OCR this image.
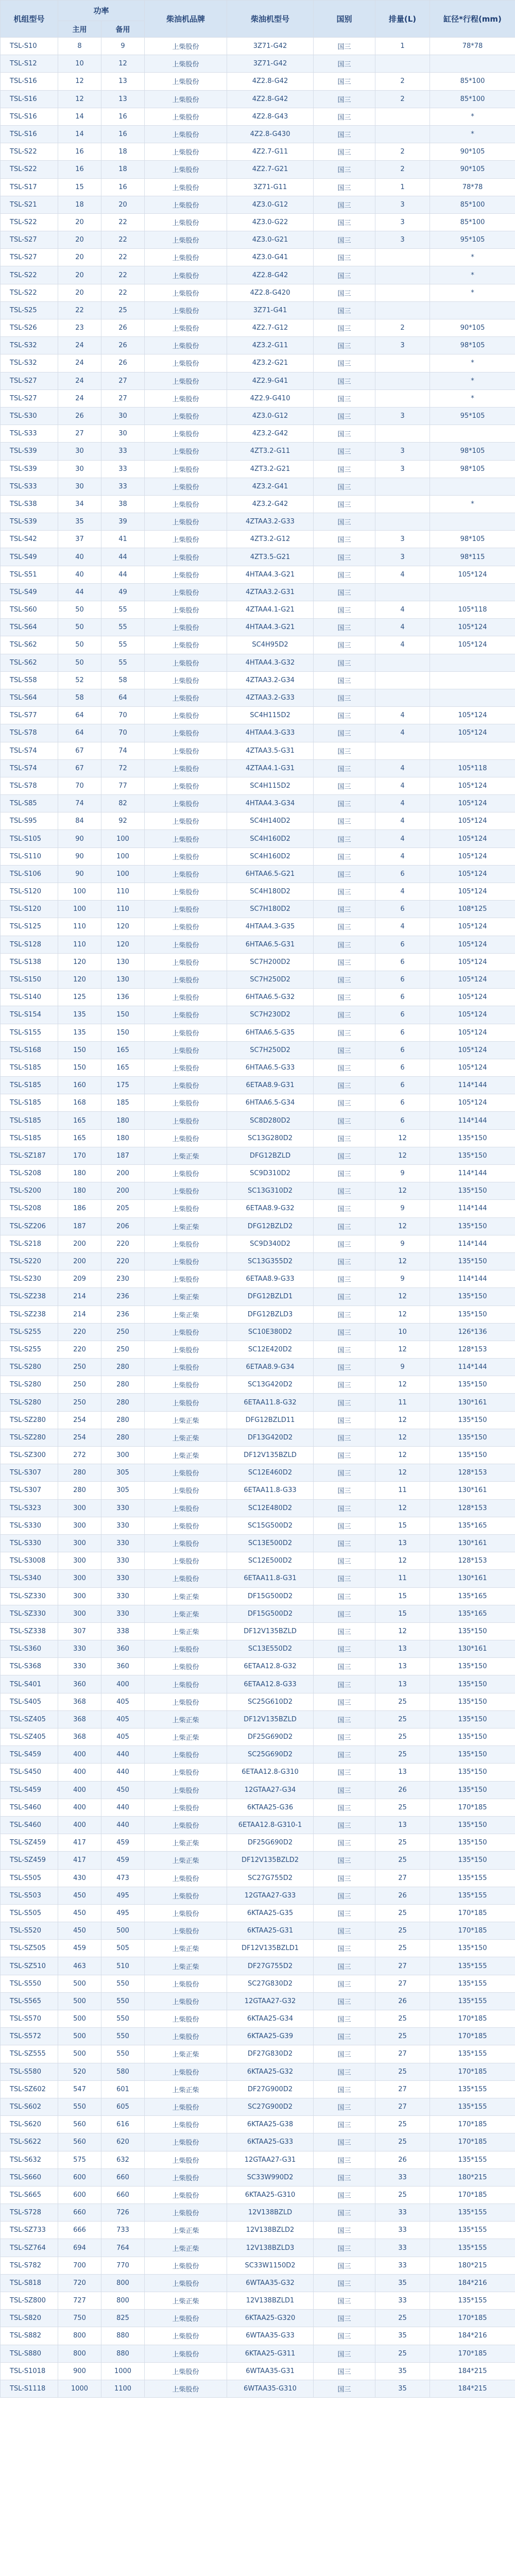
机组型号	功率		柴油机品牌	柴油机型号	国别	排量(L)	缸径*行程(mm)
	主用	备用					
TSL-S10	8	9	上柴股份	3Z71-G42	国三	1	78*78
TSL-S12	10	12	上柴股份	3Z71-G42	国三		
TSL-S16	12	13	上柴股份	4Z2.8-G42	国三	2	85*100
TSL-S16	12	13	上柴股份	4Z2.8-G42	国三	2	85*100
TSL-S16	14	16	上柴股份	4Z2.8-G43	国三		*
TSL-S16	14	16	上柴股份	4Z2.8-G430	国三		*
TSL-S22	16	18	上柴股份	4Z2.7-G11	国三	2	90*105
TSL-S22	16	18	上柴股份	4Z2.7-G21	国三	2	90*105
TSL-S17	15	16	上柴股份	3Z71-G11	国三	1	78*78
TSL-S21	18	20	上柴股份	4Z3.0-G12	国三	3	85*100
TSL-S22	20	22	上柴股份	4Z3.0-G22	国三	3	85*100
TSL-S27	20	22	上柴股份	4Z3.0-G21	国三	3	95*105
TSL-S27	20	22	上柴股份	4Z3.0-G41	国三		*
TSL-S22	20	22	上柴股份	4Z2.8-G42	国三		*
TSL-S22	20	22	上柴股份	4Z2.8-G420	国三		*
TSL-S25	22	25	上柴股份	3Z71-G41	国三		
TSL-S26	23	26	上柴股份	4Z2.7-G12	国三	2	90*105
TSL-S32	24	26	上柴股份	4Z3.2-G11	国三	3	98*105
TSL-S32	24	26	上柴股份	4Z3.2-G21	国三		*
TSL-S27	24	27	上柴股份	4Z2.9-G41	国三		*
TSL-S27	24	27	上柴股份	4Z2.9-G410	国三		*
TSL-S30	26	30	上柴股份	4Z3.0-G12	国三	3	95*105
TSL-S33	27	30	上柴股份	4Z3.2-G42	国三		
TSL-S39	30	33	上柴股份	4ZT3.2-G11	国三	3	98*105
TSL-S39	30	33	上柴股份	4ZT3.2-G21	国三	3	98*105
TSL-S33	30	33	上柴股份	4Z3.2-G41	国三		
TSL-S38	34	38	上柴股份	4Z3.2-G42	国三		*
TSL-S39	35	39	上柴股份	4ZTAA3.2-G33	国三		
TSL-S42	37	41	上柴股份	4ZT3.2-G12	国三	3	98*105
TSL-S49	40	44	上柴股份	4ZT3.5-G21	国三	3	98*115
TSL-S51	40	44	上柴股份	4HTAA4.3-G21	国三	4	105*124
TSL-S49	44	49	上柴股份	4ZTAA3.2-G31	国三		
TSL-S60	50	55	上柴股份	4ZTAA4.1-G21	国三	4	105*118
TSL-S64	50	55	上柴股份	4HTAA4.3-G21	国三	4	105*124
TSL-S62	50	55	上柴股份	SC4H95D2	国三	4	105*124
TSL-S62	50	55	上柴股份	4HTAA4.3-G32	国三		
TSL-S58	52	58	上柴股份	4ZTAA3.2-G34	国三		
TSL-S64	58	64	上柴股份	4ZTAA3.2-G33	国三		
TSL-S77	64	70	上柴股份	SC4H115D2	国三	4	105*124
TSL-S78	64	70	上柴股份	4HTAA4.3-G33	国三	4	105*124
TSL-S74	67	74	上柴股份	4ZTAA3.5-G31	国三		
TSL-S74	67	72	上柴股份	4ZTAA4.1-G31	国三	4	105*118
TSL-S78	70	77	上柴股份	SC4H115D2	国三	4	105*124
TSL-S85	74	82	上柴股份	4HTAA4.3-G34	国三	4	105*124
TSL-S95	84	92	上柴股份	SC4H140D2	国三	4	105*124
TSL-S105	90	100	上柴股份	SC4H160D2	国三	4	105*124
TSL-S110	90	100	上柴股份	SC4H160D2	国三	4	105*124
TSL-S106	90	100	上柴股份	6HTAA6.5-G21	国三	6	105*124
TSL-S120	100	110	上柴股份	SC4H180D2	国三	4	105*124
TSL-S120	100	110	上柴股份	SC7H180D2	国三	6	108*125
TSL-S125	110	120	上柴股份	4HTAA4.3-G35	国三	4	105*124
TSL-S128	110	120	上柴股份	6HTAA6.5-G31	国三	6	105*124
TSL-S138	120	130	上柴股份	SC7H200D2	国三	6	105*124
TSL-S150	120	130	上柴股份	SC7H250D2	国三	6	105*124
TSL-S140	125	136	上柴股份	6HTAA6.5-G32	国三	6	105*124
TSL-S154	135	150	上柴股份	SC7H230D2	国三	6	105*124
TSL-S155	135	150	上柴股份	6HTAA6.5-G35	国三	6	105*124
TSL-S168	150	165	上柴股份	SC7H250D2	国三	6	105*124
TSL-S185	150	165	上柴股份	6HTAA6.5-G33	国三	6	105*124
TSL-S185	160	175	上柴股份	6ETAA8.9-G31	国三	6	114*144
TSL-S185	168	185	上柴股份	6HTAA6.5-G34	国三	6	105*124
TSL-S185	165	180	上柴股份	SC8D280D2	国三	6	114*144
TSL-S185	165	180	上柴股份	SC13G280D2	国三	12	135*150
TSL-SZ187	170	187	上柴正柴	DFG12BZLD	国三	12	135*150
TSL-S208	180	200	上柴股份	SC9D310D2	国三	9	114*144
TSL-S200	180	200	上柴股份	SC13G310D2	国三	12	135*150
TSL-S208	186	205	上柴股份	6ETAA8.9-G32	国三	9	114*144
TSL-SZ206	187	206	上柴正柴	DFG12BZLD2	国三	12	135*150
TSL-S218	200	220	上柴股份	SC9D340D2	国三	9	114*144
TSL-S220	200	220	上柴股份	SC13G355D2	国三	12	135*150
TSL-S230	209	230	上柴股份	6ETAA8.9-G33	国三	9	114*144
TSL-SZ238	214	236	上柴正柴	DFG12BZLD1	国三	12	135*150
TSL-SZ238	214	236	上柴正柴	DFG12BZLD3	国三	12	135*150
TSL-S255	220	250	上柴股份	SC10E380D2	国三	10	126*136
TSL-S255	220	250	上柴股份	SC12E420D2	国三	12	128*153
TSL-S280	250	280	上柴股份	6ETAA8.9-G34	国三	9	114*144
TSL-S280	250	280	上柴股份	SC13G420D2	国三	12	135*150
TSL-S280	250	280	上柴股份	6ETAA11.8-G32	国三	11	130*161
TSL-SZ280	254	280	上柴正柴	DFG12BZLD11	国三	12	135*150
TSL-SZ280	254	280	上柴正柴	DF13G420D2	国三	12	135*150
TSL-SZ300	272	300	上柴正柴	DF12V135BZLD	国三	12	135*150
TSL-S307	280	305	上柴股份	SC12E460D2	国三	12	128*153
TSL-S307	280	305	上柴股份	6ETAA11.8-G33	国三	11	130*161
TSL-S323	300	330	上柴股份	SC12E480D2	国三	12	128*153
TSL-S330	300	330	上柴股份	SC15G500D2	国三	15	135*165
TSL-S330	300	330	上柴股份	SC13E500D2	国三	13	130*161
TSL-S3008	300	330	上柴股份	SC12E500D2	国三	12	128*153
TSL-S340	300	330	上柴股份	6ETAA11.8-G31	国三	11	130*161
TSL-SZ330	300	330	上柴正柴	DF15G500D2	国三	15	135*165
TSL-SZ330	300	330	上柴正柴	DF15G500D2	国三	15	135*165
TSL-SZ338	307	338	上柴正柴	DF12V135BZLD	国三	12	135*150
TSL-S360	330	360	上柴股份	SC13E550D2	国三	13	130*161
TSL-S368	330	360	上柴股份	6ETAA12.8-G32	国三	13	135*150
TSL-S401	360	400	上柴股份	6ETAA12.8-G33	国三	13	135*150
TSL-S405	368	405	上柴股份	SC25G610D2	国三	25	135*150
TSL-SZ405	368	405	上柴正柴	DF12V135BZLD	国三	25	135*150
TSL-SZ405	368	405	上柴正柴	DF25G690D2	国三	25	135*150
TSL-S459	400	440	上柴股份	SC25G690D2	国三	25	135*150
TSL-S450	400	440	上柴股份	6ETAA12.8-G310	国三	13	135*150
TSL-S459	400	450	上柴股份	12GTAA27-G34	国三	26	135*150
TSL-S460	400	440	上柴股份	6KTAA25-G36	国三	25	170*185
TSL-S460	400	440	上柴股份	6ETAA12.8-G310-1	国三	13	135*150
TSL-SZ459	417	459	上柴正柴	DF25G690D2	国三	25	135*150
TSL-SZ459	417	459	上柴正柴	DF12V135BZLD2	国三	25	135*150
TSL-S505	430	473	上柴股份	SC27G755D2	国三	27	135*155
TSL-S503	450	495	上柴股份	12GTAA27-G33	国三	26	135*155
TSL-S505	450	495	上柴股份	6KTAA25-G35	国三	25	170*185
TSL-S520	450	500	上柴股份	6KTAA25-G31	国三	25	170*185
TSL-SZ505	459	505	上柴正柴	DF12V135BZLD1	国三	25	135*150
TSL-SZ510	463	510	上柴正柴	DF27G755D2	国三	27	135*155
TSL-S550	500	550	上柴股份	SC27G830D2	国三	27	135*155
TSL-S565	500	550	上柴股份	12GTAA27-G32	国三	26	135*155
TSL-S570	500	550	上柴股份	6KTAA25-G34	国三	25	170*185
TSL-S572	500	550	上柴股份	6KTAA25-G39	国三	25	170*185
TSL-SZ555	500	550	上柴正柴	DF27G830D2	国三	27	135*155
TSL-S580	520	580	上柴股份	6KTAA25-G32	国三	25	170*185
TSL-SZ602	547	601	上柴正柴	DF27G900D2	国三	27	135*155
TSL-S602	550	605	上柴股份	SC27G900D2	国三	27	135*155
TSL-S620	560	616	上柴股份	6KTAA25-G38	国三	25	170*185
TSL-S622	560	620	上柴股份	6KTAA25-G33	国三	25	170*185
TSL-S632	575	632	上柴股份	12GTAA27-G31	国三	26	135*155
TSL-S660	600	660	上柴股份	SC33W990D2	国三	33	180*215
TSL-S665	600	660	上柴股份	6KTAA25-G310	国三	25	170*185
TSL-S728	660	726	上柴股份	12V138BZLD	国三	33	135*155
TSL-SZ733	666	733	上柴正柴	12V138BZLD2	国三	33	135*155
TSL-SZ764	694	764	上柴正柴	12V138BZLD3	国三	33	135*155
TSL-S782	700	770	上柴股份	SC33W1150D2	国三	33	180*215
TSL-S818	720	800	上柴股份	6WTAA35-G32	国三	35	184*216
TSL-SZ800	727	800	上柴正柴	12V138BZLD1	国三	33	135*155
TSL-S820	750	825	上柴股份	6KTAA25-G320	国三	25	170*185
TSL-S882	800	880	上柴股份	6WTAA35-G33	国三	35	184*216
TSL-S880	800	880	上柴股份	6KTAA25-G311	国三	25	170*185
TSL-S1018	900	1000	上柴股份	6WTAA35-G31	国三	35	184*215
TSL-S1118	1000	1100	上柴股份	6WTAA35-G310	国三	35	184*215
